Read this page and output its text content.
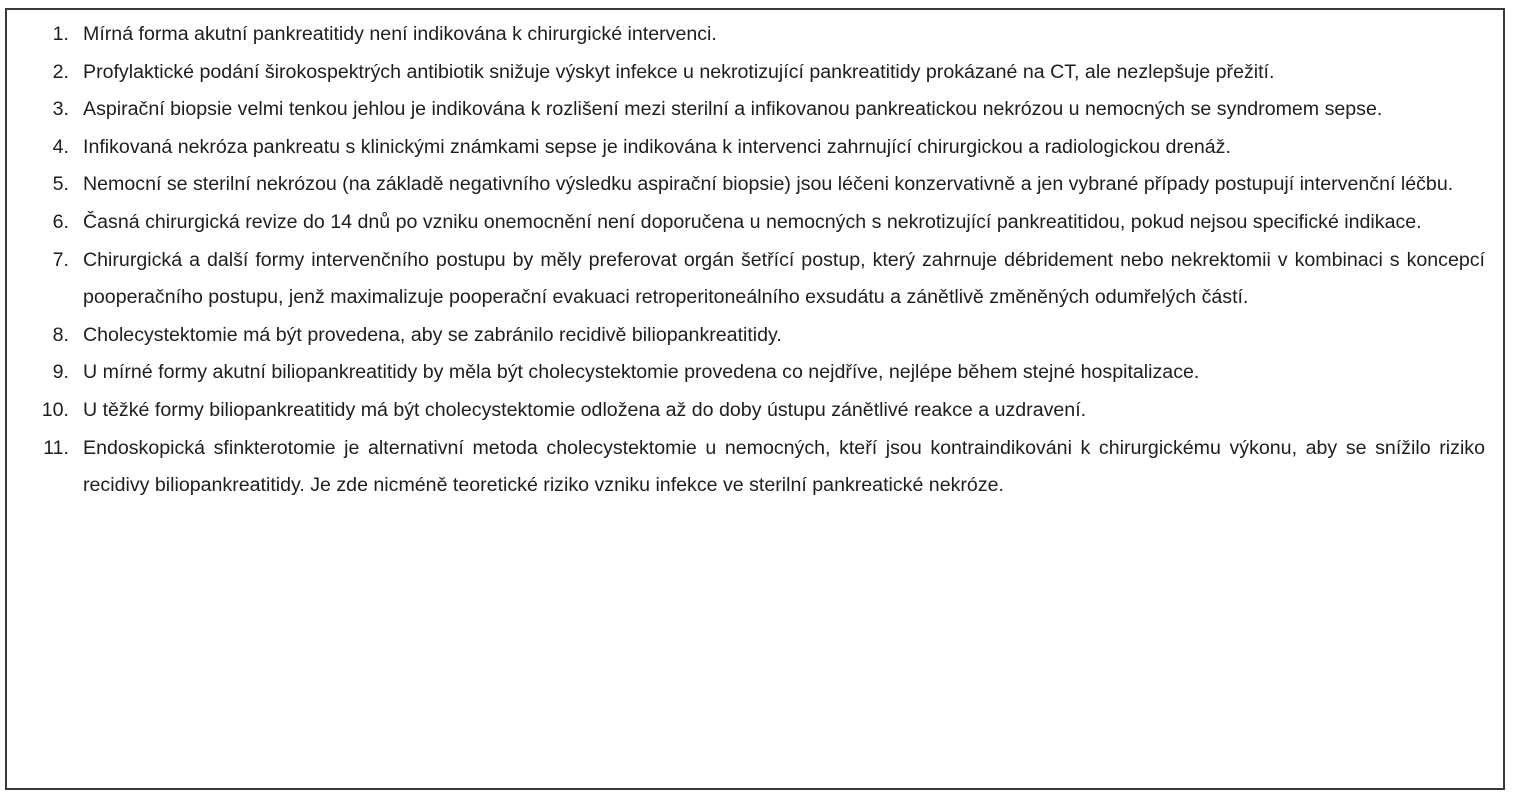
1. Mírná forma akutní pankreatitidy není indikována k chirurgické intervenci.
2. Profylaktické podání širokospektrých antibiotik snižuje výskyt infekce u nekrotizující pankreatitidy prokázané na CT, ale nezlepšuje přežití.
3. Aspirační biopsie velmi tenkou jehlou je indikována k rozlišení mezi sterilní a infikovanou pankreatickou nekrózou u nemocných se syndromem sepse.
4. Infikovaná nekróza pankreatu s klinickými známkami sepse je indikována k intervenci zahrnující chirurgickou a radiologickou drenáž.
5. Nemocní se sterilní nekrózou (na základě negativního výsledku aspirační biopsie) jsou léčeni konzervativně a jen vybrané případy postupují intervenční léčbu.
6. Časná chirurgická revize do 14 dnů po vzniku onemocnění není doporučena u nemocných s nekrotizující pankreatitidou, pokud nejsou specifické indikace.
7. Chirurgická a další formy intervenčního postupu by měly preferovat orgán šetřící postup, který zahrnuje débridement nebo nekrektomii v kombinaci s koncepcí pooperačního postupu, jenž maximalizuje pooperační evakuaci retroperitoneálního exsudátu a zánětlivě změněných odumřelých částí.
8. Cholecystektomie má být provedena, aby se zabránilo recidivě biliopankreatitidy.
9. U mírné formy akutní biliopankreatitidy by měla být cholecystektomie provedena co nejdříve, nejlépe během stejné hospitalizace.
10. U těžké formy biliopankreatitidy má být cholecystektomie odložena až do doby ústupu zánětlivé reakce a uzdravení.
11. Endoskopická sfinkterotomie je alternativní metoda cholecystektomie u nemocných, kteří jsou kontraindikováni k chirurgickému výkonu, aby se snížilo riziko recidivy biliopankreatitidy. Je zde nicméně teoretické riziko vzniku infekce ve sterilní pankreatické nekróze.
